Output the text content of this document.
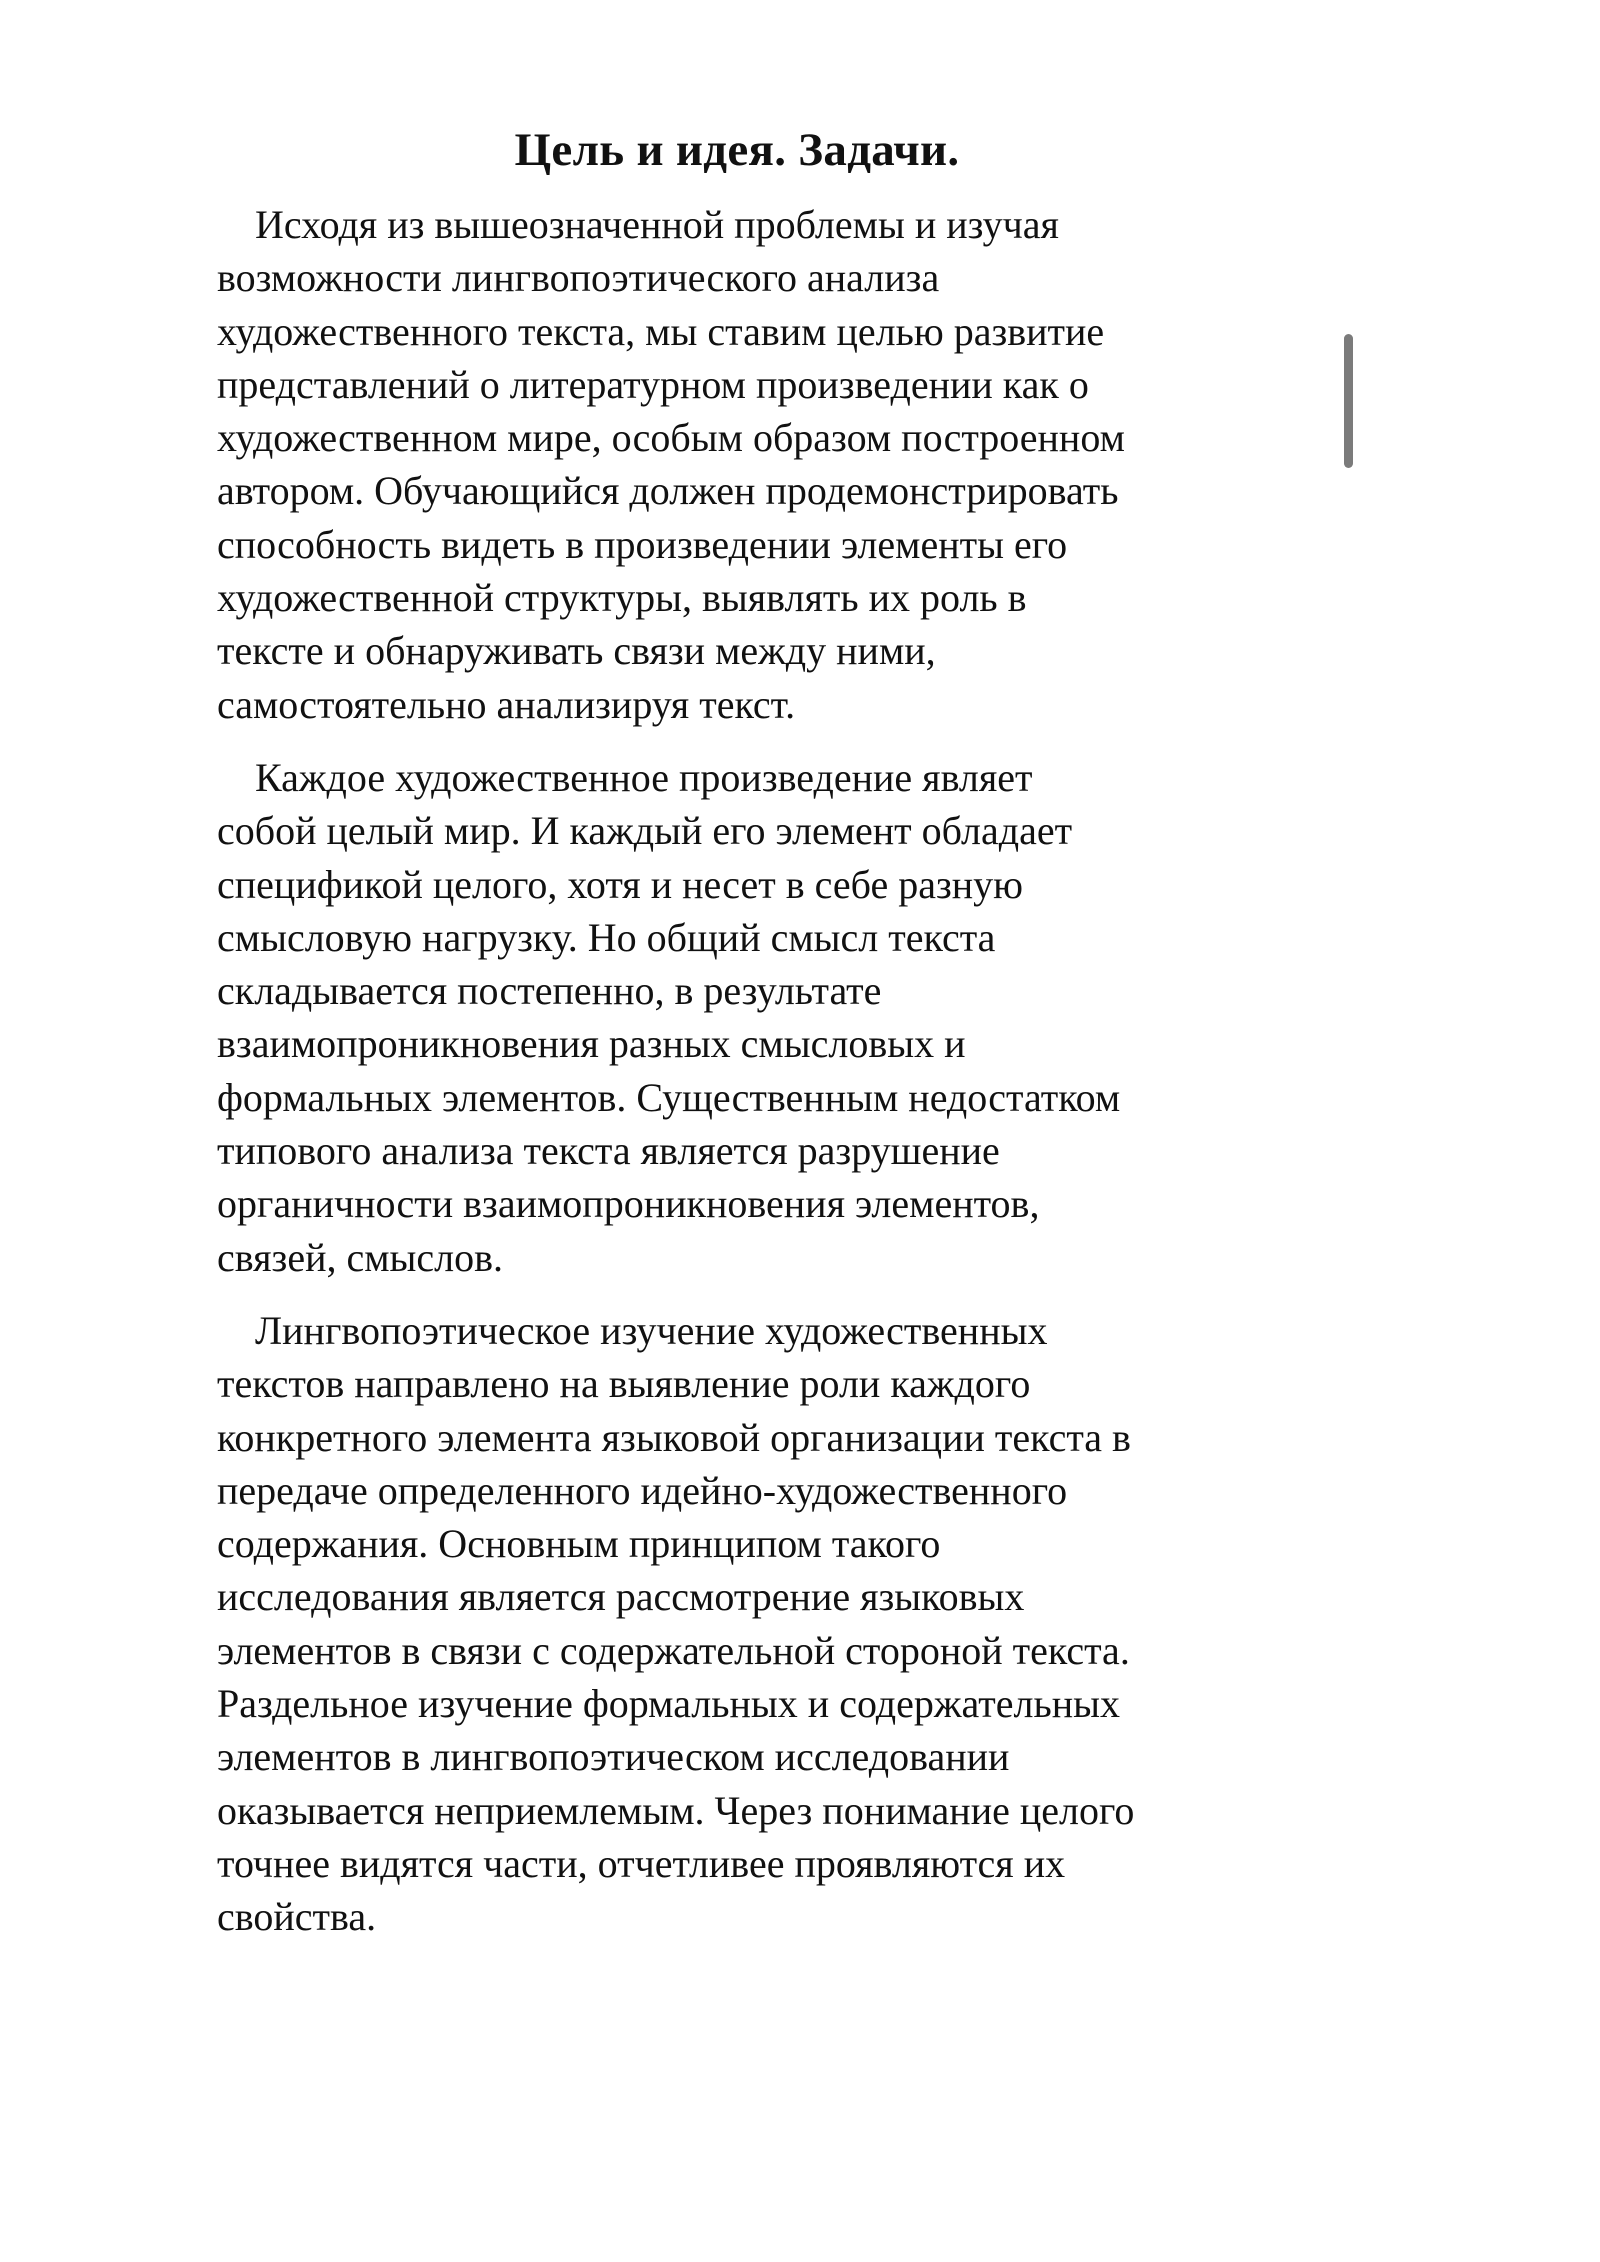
Цель и идея. Задачи.

Исходя из вышеозначенной проблемы и изучая
возможности лингвопоэтического анализа
художественного текста, мы ставим целью развитие
представлений о литературном произведении как о
художественном мире, особым образом построенном
автором. Обучающийся должен продемонстрировать
способность видеть в произведении элементы его
художественной структуры, выявлять их роль в
тексте и обнаруживать связи между ними,
самостоятельно анализируя текст.

Каждое художественное произведение являет
собой целый мир. И каждый его элемент обладает
спецификой целого, хотя и несет в себе разную
смысловую нагрузку. Но общий смысл текста
складывается постепенно, в результате
взаимопроникновения разных смысловых и
формальных элементов. Существенным недостатком
типового анализа текста является разрушение
органичности взаимопроникновения элементов,
связей, смыслов.

Лингвопоэтическое изучение художественных
текстов направлено на выявление роли каждого
конкретного элемента языковой организации текста в
передаче определенного идейно-художественного
содержания. Основным принципом такого
исследования является рассмотрение языковых
элементов в связи с содержательной стороной текста.
Раздельное изучение формальных и содержательных
элементов в лингвопоэтическом исследовании
оказывается неприемлемым. Через понимание целого
точнее видятся части, отчетливее проявляются их
свойства.
